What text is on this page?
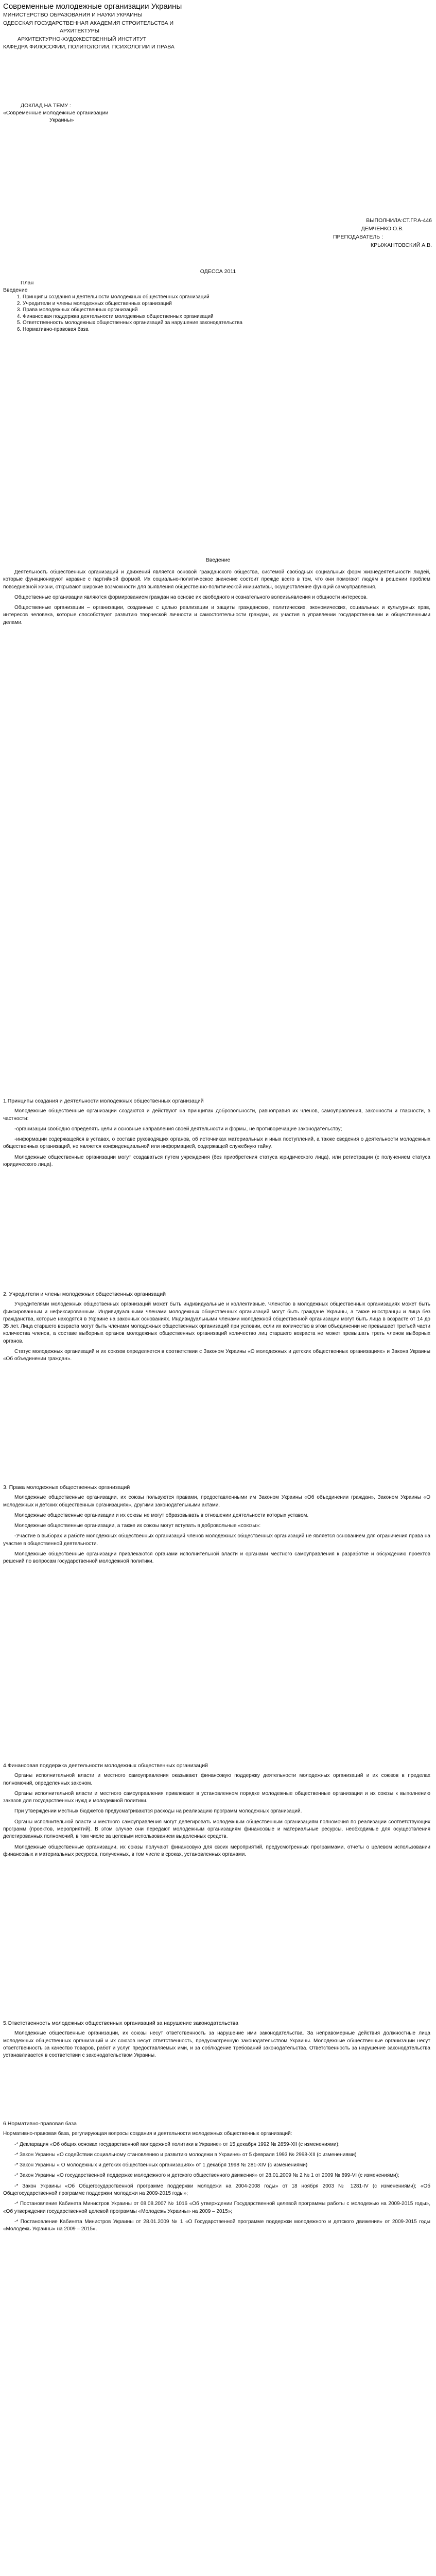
Современные молодежные организации Украины
МИНИСТЕРСТВО ОБРАЗОВАНИЯ И НАУКИ УКРАИНЫ
ОДЕССКАЯ ГОСУДАРСТВЕННАЯ АКАДЕМИЯ СТРОИТЕЛЬСТВА И
АРХИТЕКТУРЫ
АРХИТЕКТУРНО-ХУДОЖЕСТВЕННЫЙ ИНСТИТУТ
КАФЕДРА ФИЛОСОФИИ, ПОЛИТОЛОГИИ, ПСИХОЛОГИИ И ПРАВА
ДОКЛАД НА ТЕМУ :
«Современные молодежные организации
Украины»
ВЫПОЛНИЛА:СТ.ГР.А-446
ДЕМЧЕНКО О.В.
ПРЕПОДАВАТЕЛЬ :
КРЫЖАНТОВСКИЙ А.В.
ОДЕССА 2011
План
Введение
1. Принципы создания и деятельности молодежных общественных организаций
2. Учредители и члены молодежных общественных организаций
3. Права молодежных общественных организаций
4. Финансовая поддержка деятельности молодежных общественных организаций
5. Ответственность молодежных общественных организаций за нарушение законодательства
6. Нормативно-правовая база
Введение

Деятельность общественных организаций и движений является основой гражданского общества, системой свободных социальных форм жизнедеятельности людей, которые функционируют наравне с партийной формой. Их социально-политическое значение состоит прежде всего в том, что они помогают людям в решении проблем повседневной жизни, открывают широкие возможности для выявления общественно-политической инициативы, осуществление функций самоуправления.

Общественные организации являются формированием граждан на основе их свободного и сознательного волеизъявления и общности интересов.

Общественные организации – организации, созданные с целью реализации и защиты гражданских, политических, экономических, социальных и культурных прав, интересов человека, которые способствуют развитию творческой личности и самостоятельности граждан, их участия в управлении государственными и общественными делами.

1.Принципы создания и деятельности молодежных общественных организаций

Молодежные общественные организации создаются и действуют на принципах добровольности, равноправия их членов, самоуправления, законности и гласности, в частности:

-организации свободно определять цели и основные направления своей деятельности и формы, не противоречащие законодательству;

-информации содержащейся в уставах, о составе руководящих органов, об источниках материальных и иных поступлений, а также сведения о деятельности молодежных общественных организаций, не является конфиденциальной или информацией, содержащей служебную тайну.

Молодежные общественные организации могут создаваться путем учреждения (без приобретения статуса юридического лица), или регистрации (с получением статуса юридического лица).

2. Учредители и члены молодежных общественных организаций

Учредителями молодежных общественных организаций может быть индивидуальные и коллективные. Членство в молодежных общественных организациях может быть фиксированным и нефиксированным. Индивидуальными членами молодежных общественных организаций могут быть граждане Украины, а также иностранцы и лица без гражданства, которые находятся в Украине на законных основаниях. Индивидуальными членами молодежной общественной организации могут быть лица в возрасте от 14 до 35 лет. Лица старшего возраста могут быть членами молодежных общественных организаций при условии, если их количество в этом объединении не превышает третьей части количества членов, а составе выборных органов молодежных общественных организаций количество лиц старшего возраста не может превышать треть членов выборных органов.

Статус молодежных организаций и их союзов определяется в соответствии с Законом Украины «О молодежных и детских общественных организациях» и Закона Украины «Об объединении граждан».

3. Права молодежных общественных организаций

Молодежные общественные организации, их союзы пользуются правами, предоставленными им Законом Украины «Об объединении граждан», Законом Украины «О молодежных и детских общественных организациях», другими законодательными актами.

Молодежные общественные организации и их союзы не могут образовывать в отношении деятельности которых уставом.

Молодежные общественные организации, а также их союзы могут вступать в добровольные «союзы»:

-Участие в выборах и работе молодежных общественных организаций членов молодежных общественных организаций не является основанием для ограничения права на участие в общественной деятельности.

Молодежные общественные организации привлекаются органами исполнительной власти и органами местного самоуправления к разработке и обсуждению проектов решений по вопросам государственной молодежной политики.

4.Финансовая поддержка деятельности молодежных общественных организаций

Органы исполнительной власти и местного самоуправления оказывают финансовую поддержку деятельности молодежных организаций и их союзов в пределах полномочий, определенных законом.

Органы исполнительной власти и местного самоуправления привлекают в установленном порядке молодежные общественные организации и их союзы к выполнению заказов для государственных нужд и молодежной политики.

При утверждении местных бюджетов предусматриваются расходы на реализацию программ молодежных организаций.

Органы исполнительной власти и местного самоуправления могут делегировать молодежным общественным организациям полномочия по реализации соответствующих программ (проектов, мероприятий). В этом случае они передают молодежным организациям финансовые и материальные ресурсы, необходимые для осуществления делегированных полномочий, в том числе за целевым использованием выделенных средств.

Молодежные общественные организации, их союзы получают финансовую для своих мероприятий, предусмотренных программами, отчеты о целевом использовании финансовых и материальных ресурсов, полученных, в том числе в сроках, установленных органами.

5.Ответственность молодежных общественных организаций за нарушение законодательства

Молодежные общественные организации, их союзы несут ответственность за нарушение ими законодательства. За неправомерные действия должностные лица молодежных общественных организаций и их союзов несут ответственность, предусмотренную законодательством Украины. Молодежные общественные организации несут ответственность за качество товаров, работ и услуг, предоставляемых ими, и за соблюдение требований законодательства. Ответственность за нарушение законодательства устанавливается в соответствии с законодательством Украины.

6.Нормативно-правовая база

Нормативно-правовая база, регулирующая вопросы создания и деятельности молодежных общественных организаций:

-* Декларация «Об общих основах государственной молодежной политики в Украине» от 15 декабря 1992 № 2859-XII (с изменениями);

-* Закон Украины «О содействии социальному становлению и развитию молодежи в Украине» от 5 февраля 1993 № 2998-XII (с изменениями)

-* Закон Украины « О молодежных и детских общественных организациях» от 1 декабря 1998 № 281-XIV (с изменениями)

-* Закон Украины «О государственной поддержке молодежного и детского общественного движения» от 28.01.2009 № 2 № 1 от 2009 № 899-VI (с изменениями);

-* Закон Украины «Об Общегосударственной программе поддержки молодежи на 2004-2008 годы» от 18 ноября 2003 № 1281-IV (с изменениями); «Об Общегосударственной программе поддержки молодежи на 2009-2015 годы»;

-* Постановление Кабинета Министров Украины от 08.08.2007 № 1016 «Об утверждении Государственной целевой программы работы с молодежью на 2009-2015 годы», «Об утверждении государственной целевой программы «Молодежь Украины» на 2009 – 2015»;

-* Постановление Кабинета Министров Украины от 28.01.2009 № 1 «О Государственной программе поддержки молодежного и детского движения» от 2009-2015 годы «Молодежь Украины» на 2009 – 2015».
